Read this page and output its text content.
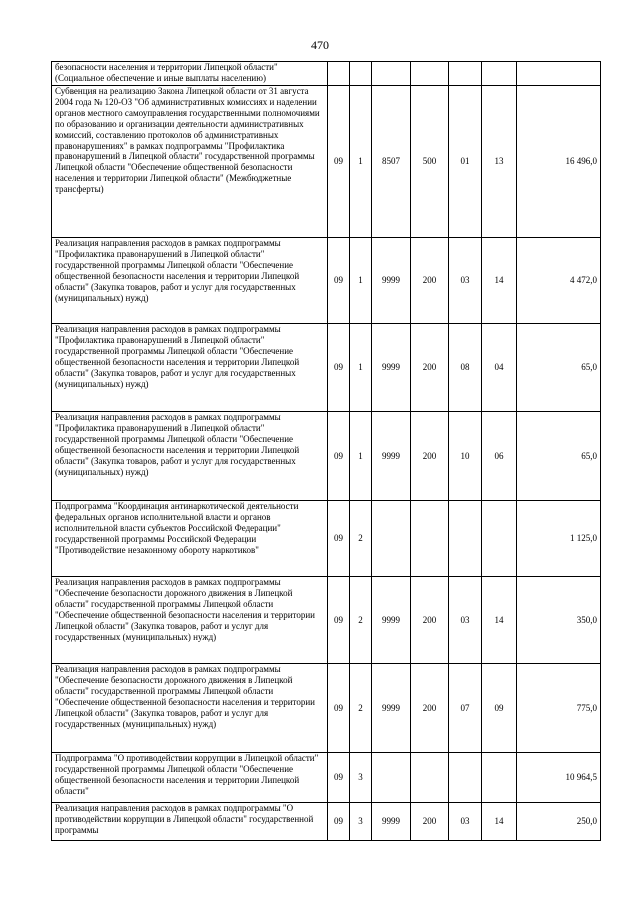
470
безопасности населения и территории Липецкой области" (Социальное обеспечение и иные выплаты населению)							
Субвенция на реализацию Закона Липецкой области от 31 августа 2004 года № 120-ОЗ "Об административных комиссиях и наделении органов местного самоуправления государственными полномочиями по образованию и организации деятельности административных комиссий, составлению протоколов об административных правонарушениях" в рамках подпрограммы "Профилактика правонарушений в Липецкой области" государственной программы Липецкой области "Обеспечение общественной безопасности населения и территории Липецкой области" (Межбюджетные трансферты)	09	1	8507	500	01	13	16 496,0
Реализация направления расходов в рамках подпрограммы "Профилактика правонарушений в Липецкой области" государственной программы Липецкой области "Обеспечение общественной безопасности населения и территории Липецкой области" (Закупка товаров, работ и услуг для государственных (муниципальных) нужд)	09	1	9999	200	03	14	4 472,0
Реализация направления расходов в рамках подпрограммы "Профилактика правонарушений в Липецкой области" государственной программы Липецкой области "Обеспечение общественной безопасности населения и территории Липецкой области" (Закупка товаров, работ и услуг для государственных (муниципальных) нужд)	09	1	9999	200	08	04	65,0
Реализация направления расходов в рамках подпрограммы "Профилактика правонарушений в Липецкой области" государственной программы Липецкой области "Обеспечение общественной безопасности населения и территории Липецкой области" (Закупка товаров, работ и услуг для государственных (муниципальных) нужд)	09	1	9999	200	10	06	65,0
Подпрограмма "Координация антинаркотической деятельности федеральных органов исполнительной власти и органов исполнительной власти субъектов Российской Федерации" государственной программы Российской Федерации "Противодействие незаконному обороту наркотиков"	09	2					1 125,0
Реализация направления расходов в рамках подпрограммы "Обеспечение безопасности дорожного движения в Липецкой области" государственной программы Липецкой области "Обеспечение общественной безопасности населения и территории Липецкой области" (Закупка товаров, работ и услуг для государственных (муниципальных) нужд)	09	2	9999	200	03	14	350,0
Реализация направления расходов в рамках подпрограммы "Обеспечение безопасности дорожного движения в Липецкой области" государственной программы Липецкой области "Обеспечение общественной безопасности населения и территории Липецкой области" (Закупка товаров, работ и услуг для государственных (муниципальных) нужд)	09	2	9999	200	07	09	775,0
Подпрограмма "О противодействии коррупции в Липецкой области" государственной программы Липецкой области "Обеспечение общественной безопасности населения и территории Липецкой области"	09	3					10 964,5
Реализация направления расходов в рамках подпрограммы "О противодействии коррупции в Липецкой области" государственной программы	09	3	9999	200	03	14	250,0
